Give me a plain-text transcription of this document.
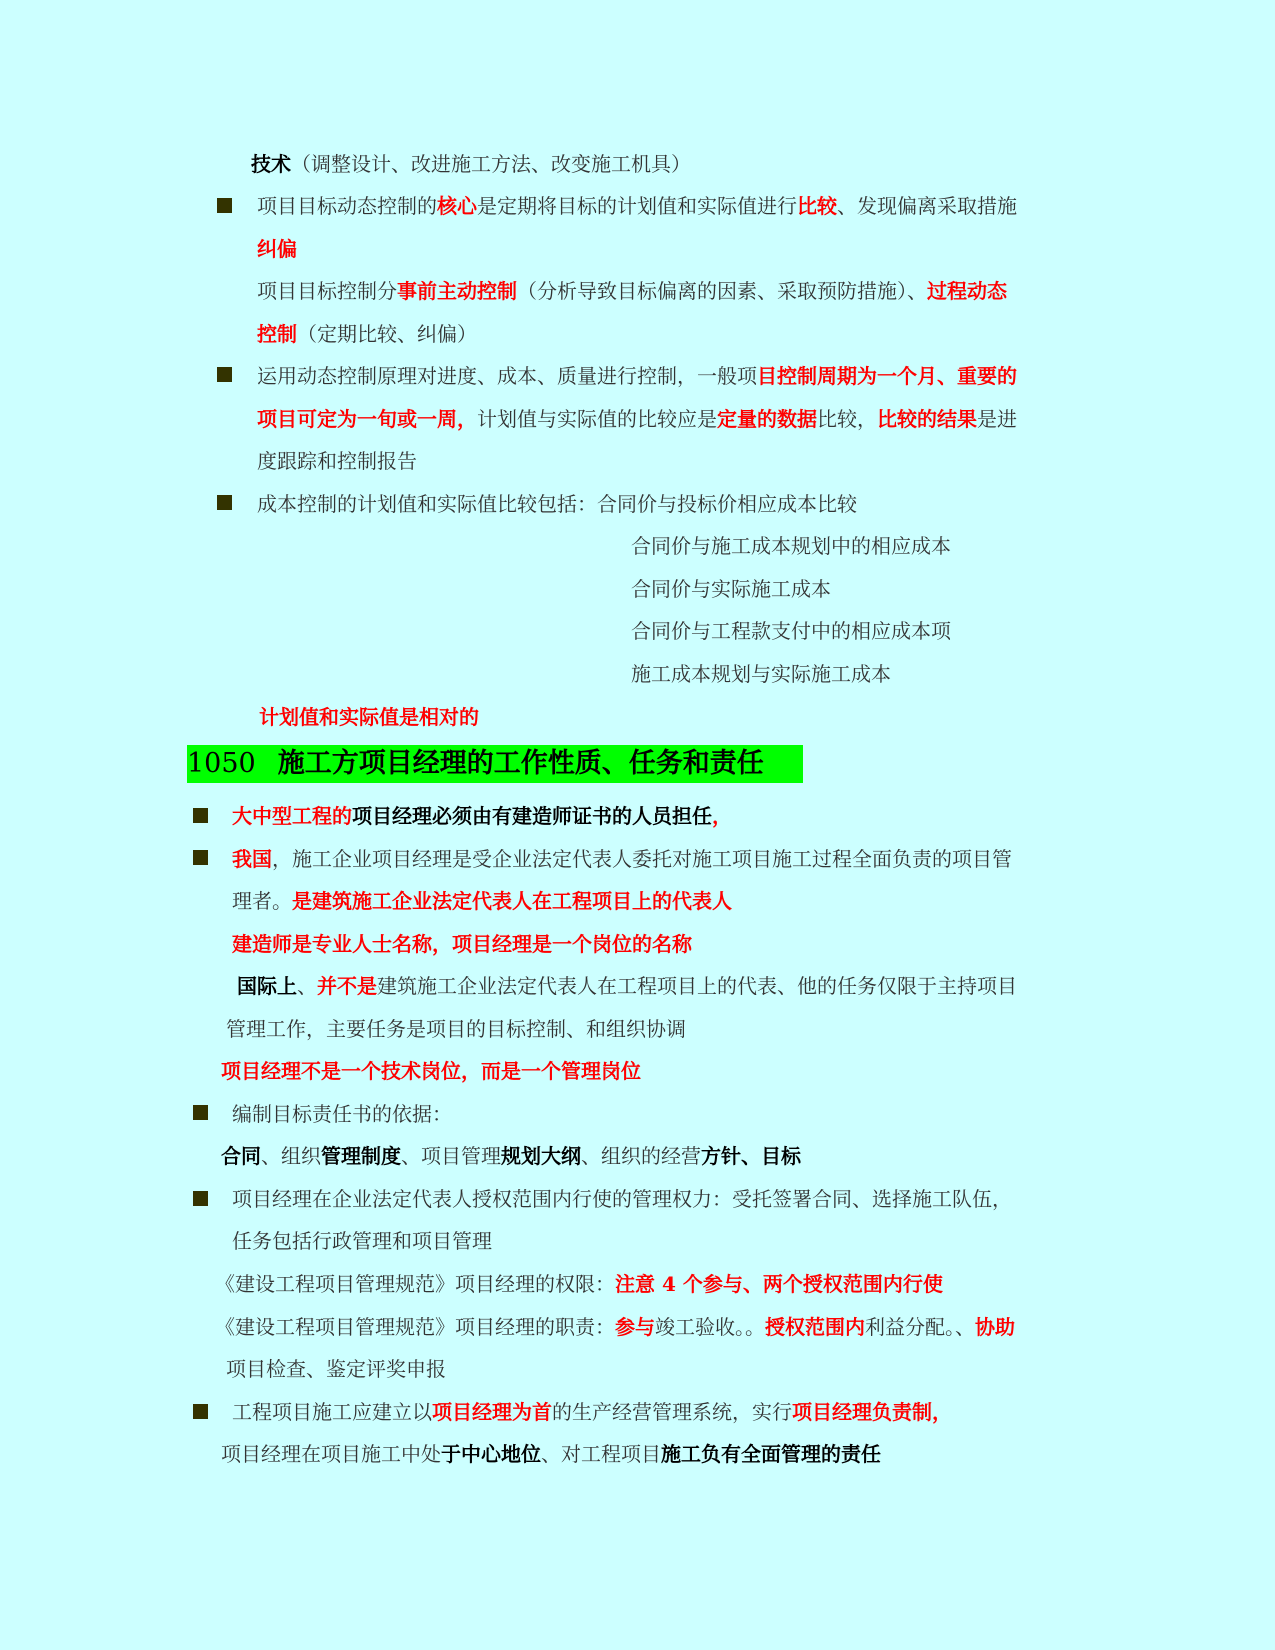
技术（调整设计、改进施工方法、改变施工机具）
项目目标动态控制的核心是定期将目标的计划值和实际值进行比较、发现偏离采取措施
纠偏
项目目标控制分事前主动控制（分析导致目标偏离的因素、采取预防措施）、过程动态
控制（定期比较、纠偏）
运用动态控制原理对进度、成本、质量进行控制，一般项目控制周期为一个月、重要的
项目可定为一旬或一周，计划值与实际值的比较应是定量的数据比较，比较的结果是进
度跟踪和控制报告
成本控制的计划值和实际值比较包括：合同价与投标价相应成本比较
合同价与施工成本规划中的相应成本
合同价与实际施工成本
合同价与工程款支付中的相应成本项
施工成本规划与实际施工成本
计划值和实际值是相对的
1050 施工方项目经理的工作性质、任务和责任
大中型工程的项目经理必须由有建造师证书的人员担任，
我国，施工企业项目经理是受企业法定代表人委托对施工项目施工过程全面负责的项目管
理者。是建筑施工企业法定代表人在工程项目上的代表人
建造师是专业人士名称，项目经理是一个岗位的名称
国际上、并不是建筑施工企业法定代表人在工程项目上的代表、他的任务仅限于主持项目
管理工作，主要任务是项目的目标控制、和组织协调
项目经理不是一个技术岗位，而是一个管理岗位
编制目标责任书的依据：
合同、组织管理制度、项目管理规划大纲、组织的经营方针、目标
项目经理在企业法定代表人授权范围内行使的管理权力：受托签署合同、选择施工队伍，
任务包括行政管理和项目管理
《建设工程项目管理规范》项目经理的权限：注意 4 个参与、两个授权范围内行使
《建设工程项目管理规范》项目经理的职责：参与竣工验收。。授权范围内利益分配。、协助
项目检查、鉴定评奖申报
工程项目施工应建立以项目经理为首的生产经营管理系统，实行项目经理负责制，
项目经理在项目施工中处于中心地位、对工程项目施工负有全面管理的责任
